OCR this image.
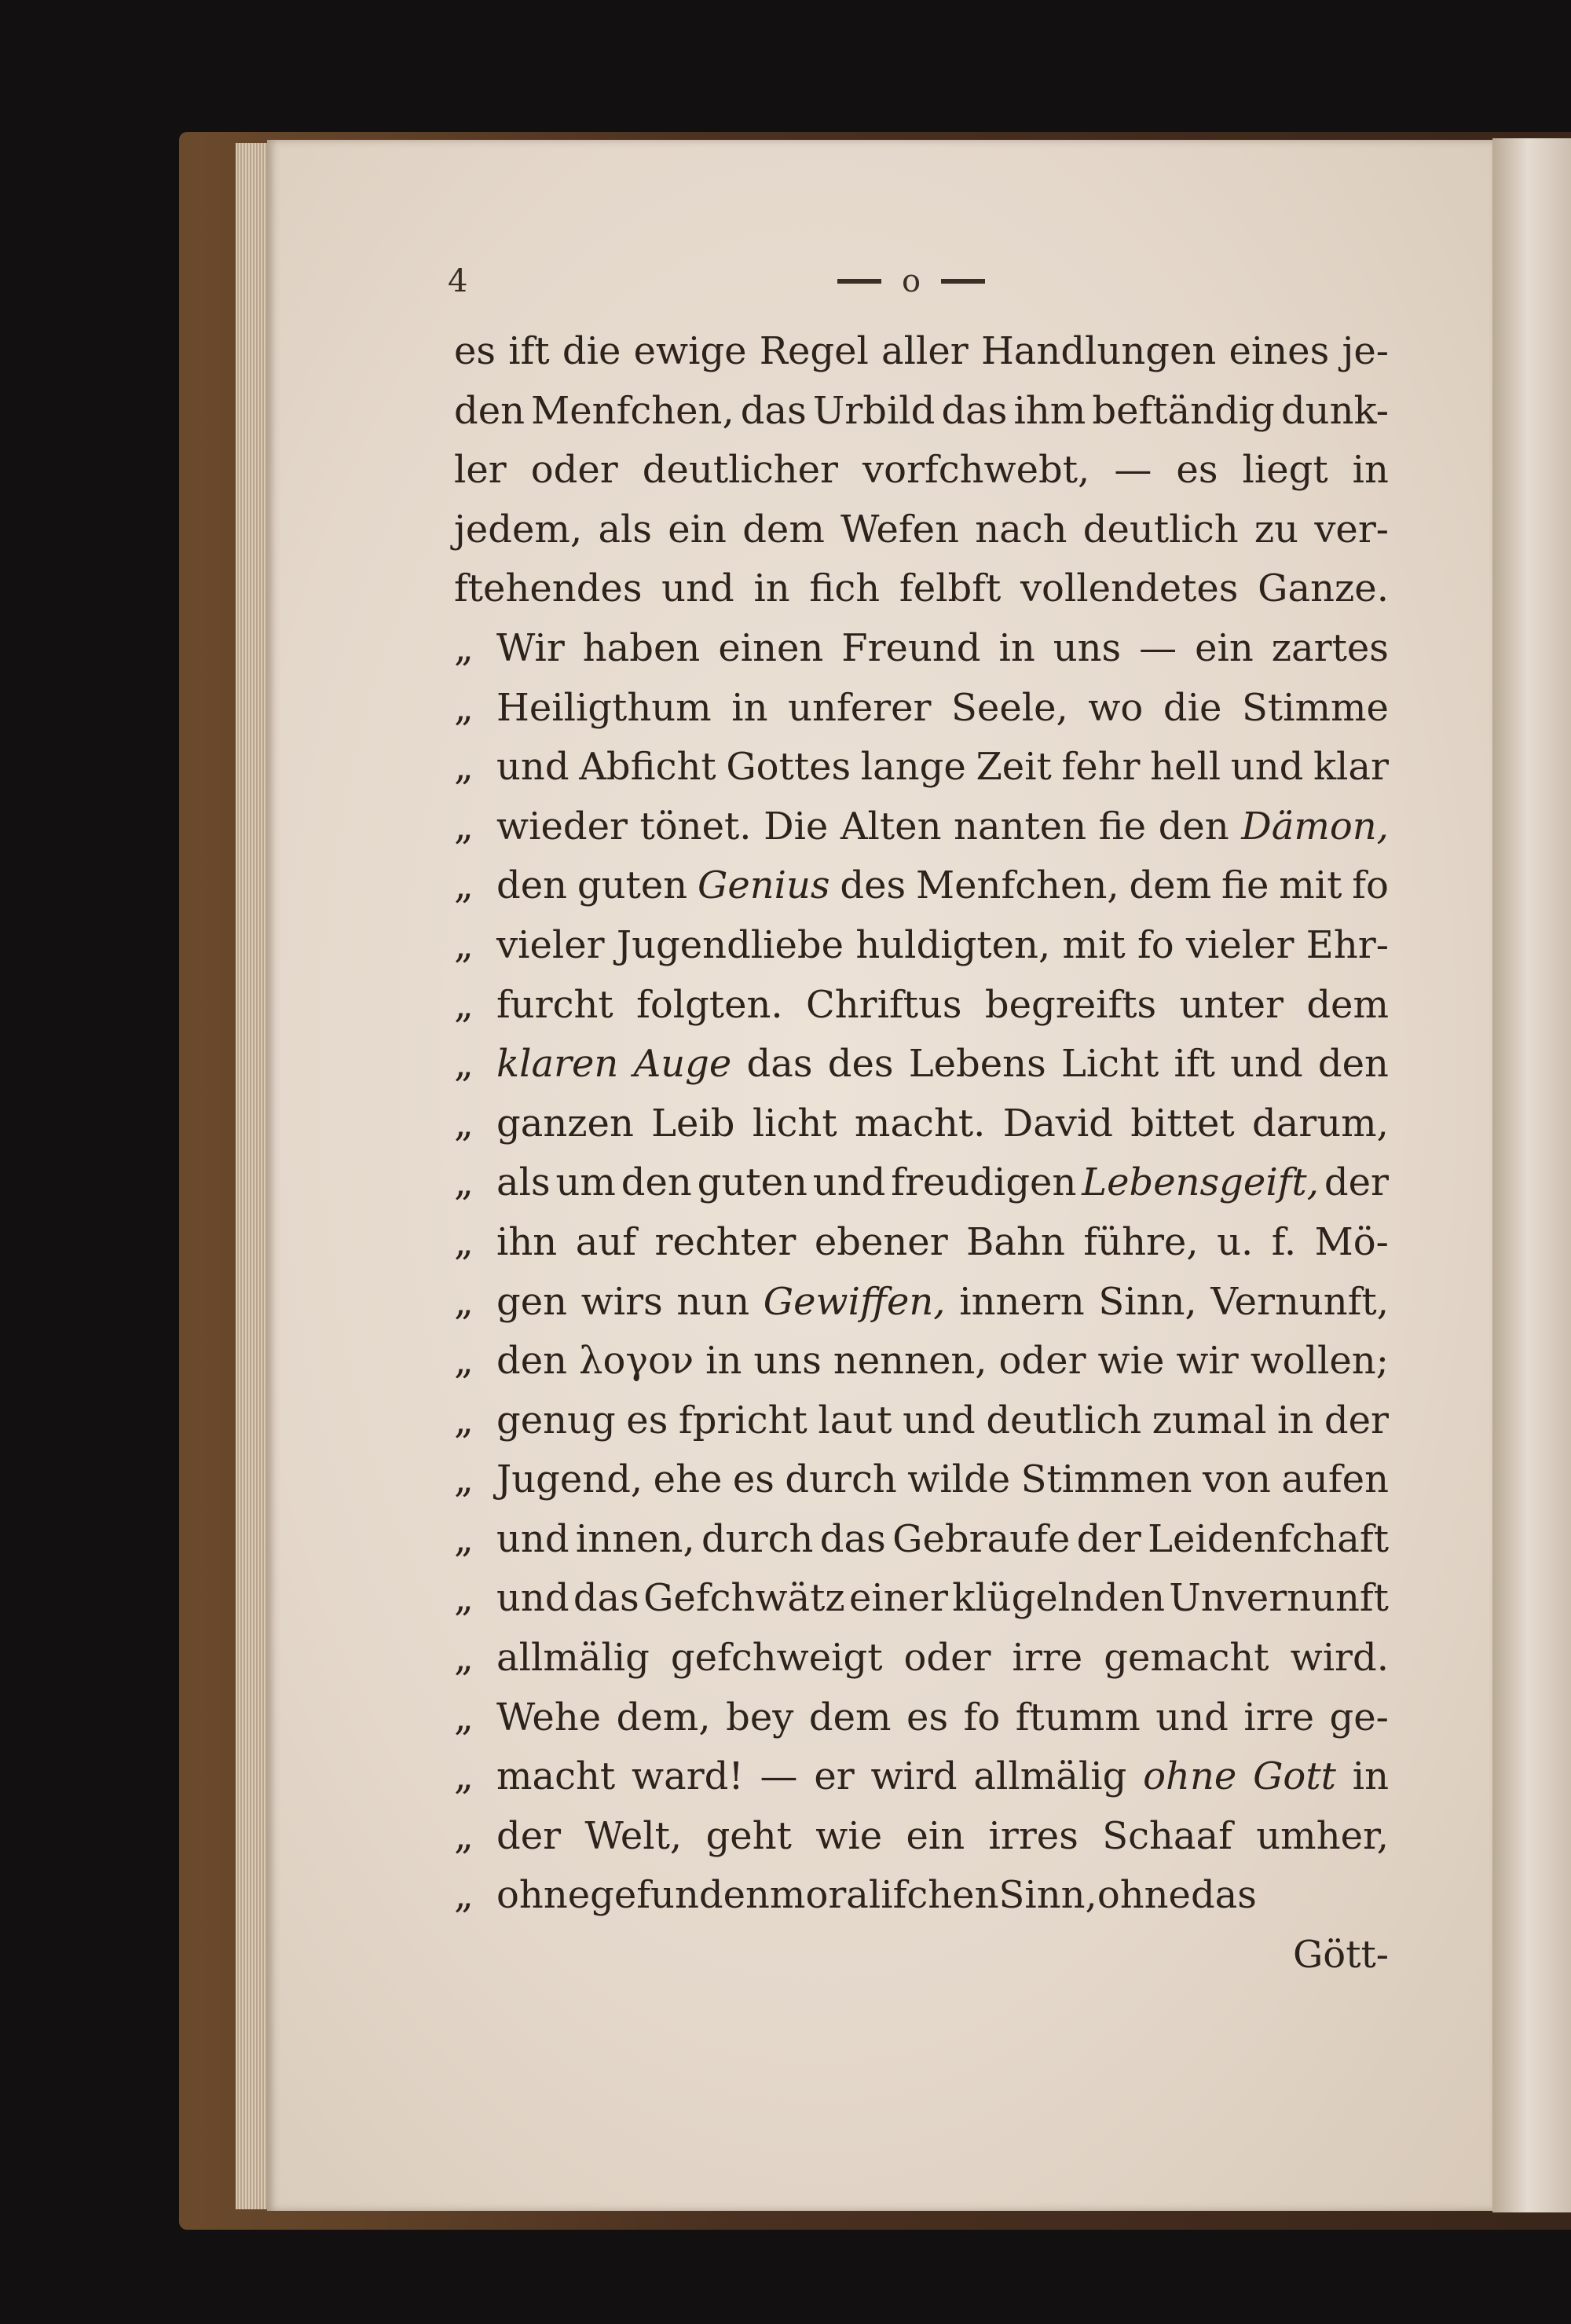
4	o
es ift die ewige Regel aller Handlungen eines je-
den Menfchen, das Urbild das ihm beftändig dunk-
ler oder deutlicher vorfchwebt, — es liegt in
jedem, als ein dem Wefen nach deutlich zu ver-
ftehendes und in fich felbft vollendetes Ganze.
„ Wir haben einen Freund in uns — ein zartes
„ Heiligthum in unferer Seele, wo die Stimme
„ und Abficht Gottes lange Zeit fehr hell und klar
„ wieder tönet. Die Alten nanten fie den Dämon,
„ den guten Genius des Menfchen, dem fie mit fo
„ vieler Jugendliebe huldigten, mit fo vieler Ehr-
„ furcht folgten. Chriftus begreifts unter dem
„ klaren Auge das des Lebens Licht ift und den
„ ganzen Leib licht macht. David bittet darum,
„ als um den guten und freudigen Lebensgeift, der
„ ihn auf rechter ebener Bahn führe, u. f. Mö-
„ gen wirs nun Gewiffen, innern Sinn, Vernunft,
„ den λογον in uns nennen, oder wie wir wollen;
„ genug es fpricht laut und deutlich zumal in der
„ Jugend, ehe es durch wilde Stimmen von aufen
„ und innen, durch das Gebraufe der Leidenfchaft
„ und das Gefchwätz einer klügelnden Unvernunft
„ allmälig gefchweigt oder irre gemacht wird.
„ Wehe dem, bey dem es fo ftumm und irre ge-
„ macht ward! — er wird allmälig ohne Gott in
„ der Welt, geht wie ein irres Schaaf umher,
„ ohne gefunden moralifchen Sinn, ohne das
Gött-
